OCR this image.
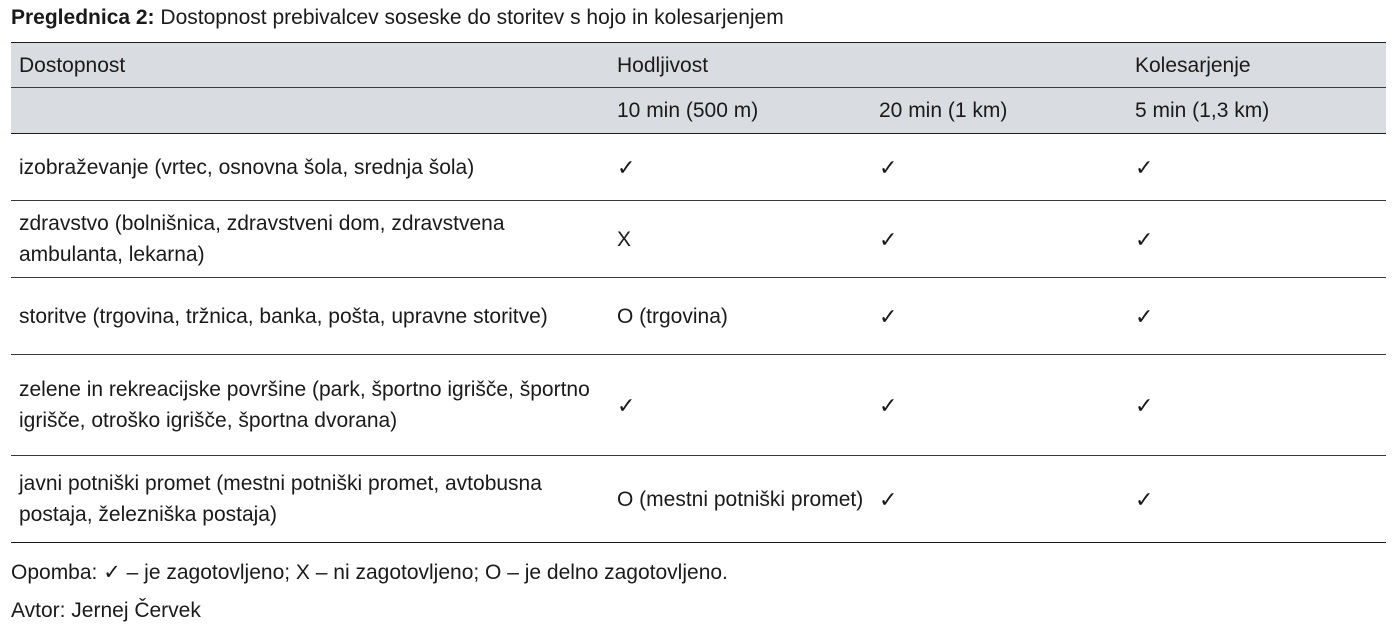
Preglednica 2: Dostopnost prebivalcev soseske do storitev s hojo in kolesarjenjem
Dostopnost	Hodljivost		Kolesarjenje
	10 min (500 m)	20 min (1 km)	5 min (1,3 km)
izobraževanje (vrtec, osnovna šola, srednja šola)	✓	✓	✓
zdravstvo (bolnišnica, zdravstveni dom, zdravstvena ambulanta, lekarna)	X	✓	✓
storitve (trgovina, tržnica, banka, pošta, upravne storitve)	O (trgovina)	✓	✓
zelene in rekreacijske površine (park, športno igrišče, športno igrišče, otroško igrišče, športna dvorana)	✓	✓	✓
javni potniški promet (mestni potniški promet, avtobusna postaja, železniška postaja)	O (mestni potniški promet)	✓	✓
Opomba: ✓ – je zagotovljeno; X – ni zagotovljeno; O – je delno zagotovljeno.
Avtor: Jernej Červek
